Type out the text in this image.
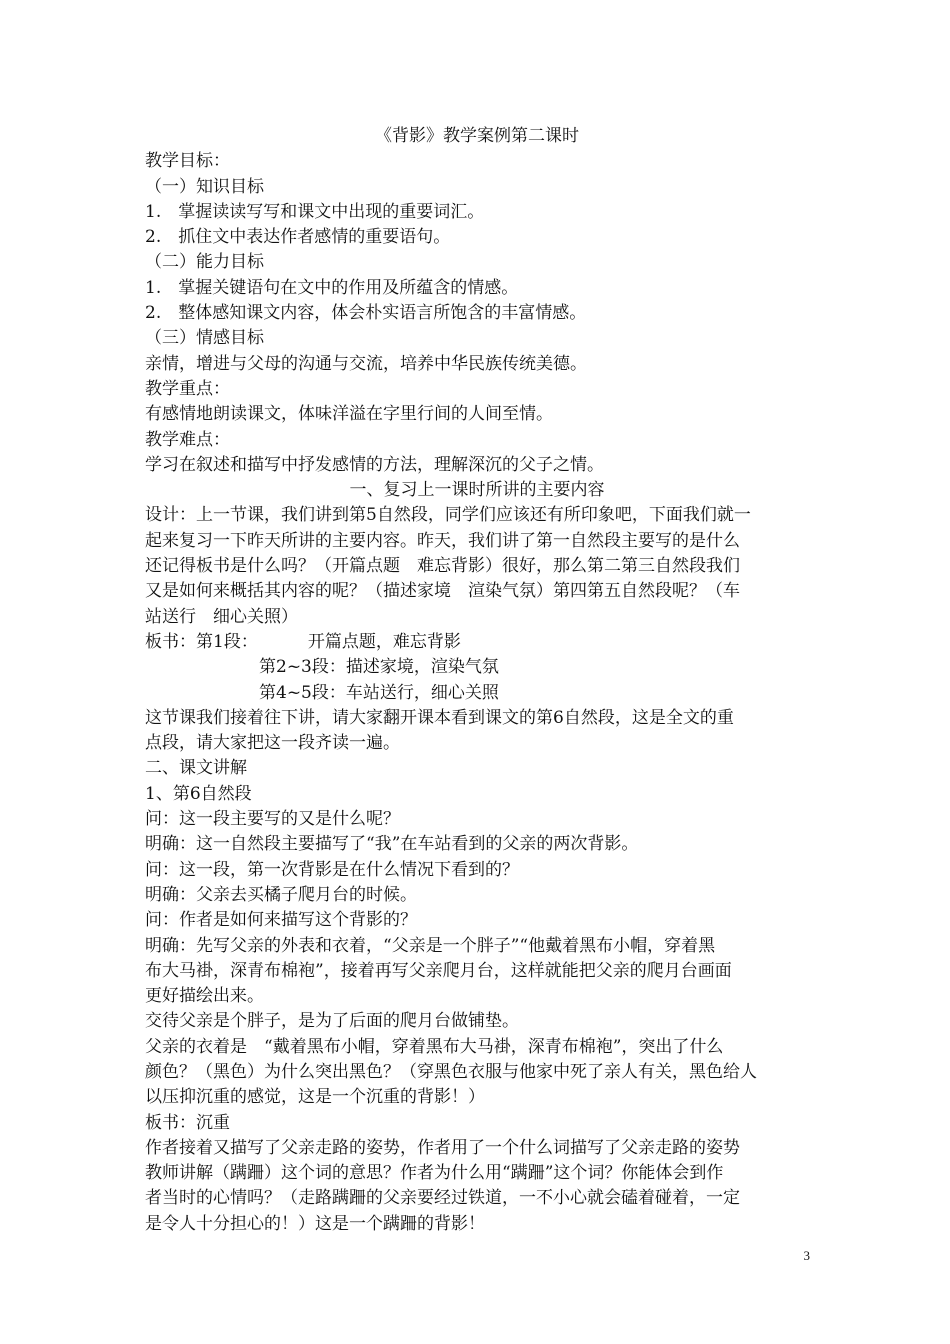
《背影》教学案例第二课时
教学目标：
（一）知识目标
1. 掌握读读写写和课文中出现的重要词汇。
2. 抓住文中表达作者感情的重要语句。
（二）能力目标
1. 掌握关键语句在文中的作用及所蕴含的情感。
2. 整体感知课文内容，体会朴实语言所饱含的丰富情感。
（三）情感目标
亲情，增进与父母的沟通与交流，培养中华民族传统美德。
教学重点：
有感情地朗读课文，体味洋溢在字里行间的人间至情。
教学难点：
学习在叙述和描写中抒发感情的方法，理解深沉的父子之情。
一、复习上一课时所讲的主要内容
设计：上一节课，我们讲到第5自然段，同学们应该还有所印象吧，下面我们就一
起来复习一下昨天所讲的主要内容。昨天，我们讲了第一自然段主要写的是什么
还记得板书是什么吗？（开篇点题 难忘背影）很好，那么第二第三自然段我们
又是如何来概括其内容的呢？（描述家境 渲染气氛）第四第五自然段呢？（车
站送行 细心关照）
板书：第1段：	开篇点题，难忘背影
第2~3段：描述家境，渲染气氛
第4~5段：车站送行，细心关照
这节课我们接着往下讲，请大家翻开课本看到课文的第6自然段，这是全文的重
点段，请大家把这一段齐读一遍。
二、课文讲解
1、第6自然段
问：这一段主要写的又是什么呢？
明确：这一自然段主要描写了“我”在车站看到的父亲的两次背影。
问：这一段，第一次背影是在什么情况下看到的？
明确：父亲去买橘子爬月台的时候。
问：作者是如何来描写这个背影的？
明确：先写父亲的外表和衣着，“父亲是一个胖子”“他戴着黑布小帽，穿着黑
布大马褂，深青布棉袍”，接着再写父亲爬月台，这样就能把父亲的爬月台画面
更好描绘出来。
交待父亲是个胖子，是为了后面的爬月台做铺垫。
父亲的衣着是 “戴着黑布小帽，穿着黑布大马褂，深青布棉袍”，突出了什么
颜色？（黑色）为什么突出黑色？（穿黑色衣服与他家中死了亲人有关，黑色给人
以压抑沉重的感觉，这是一个沉重的背影！）
板书：沉重
作者接着又描写了父亲走路的姿势，作者用了一个什么词描写了父亲走路的姿势
教师讲解（蹒跚）这个词的意思？作者为什么用“蹒跚”这个词？你能体会到作
者当时的心情吗？（走路蹒跚的父亲要经过铁道，一不小心就会磕着碰着，一定
是令人十分担心的！）这是一个蹒跚的背影！
3
